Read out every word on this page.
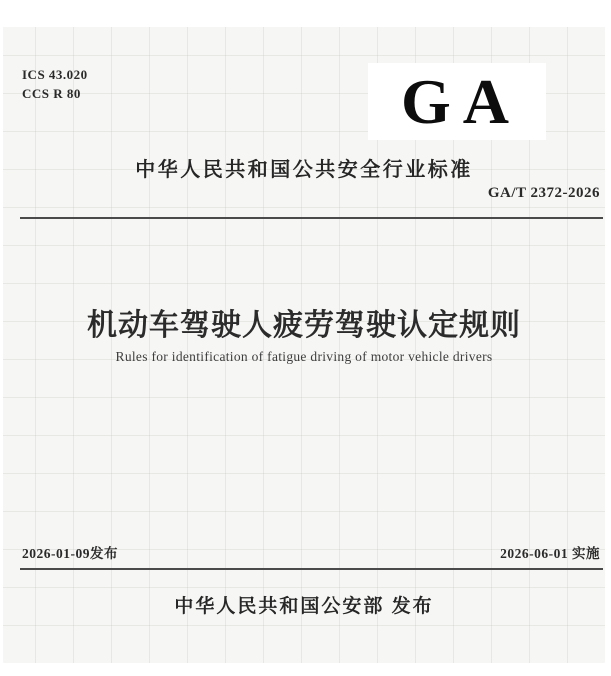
ICS 43.020
CCS R 80	GA
中华人民共和国公共安全行业标准
GA/T 2372-2026
机动车驾驶人疲劳驾驶认定规则
Rules for identification of fatigue driving of motor vehicle drivers
2026-01-09发布	2026-06-01 实施
中华人民共和国公安部 发布
